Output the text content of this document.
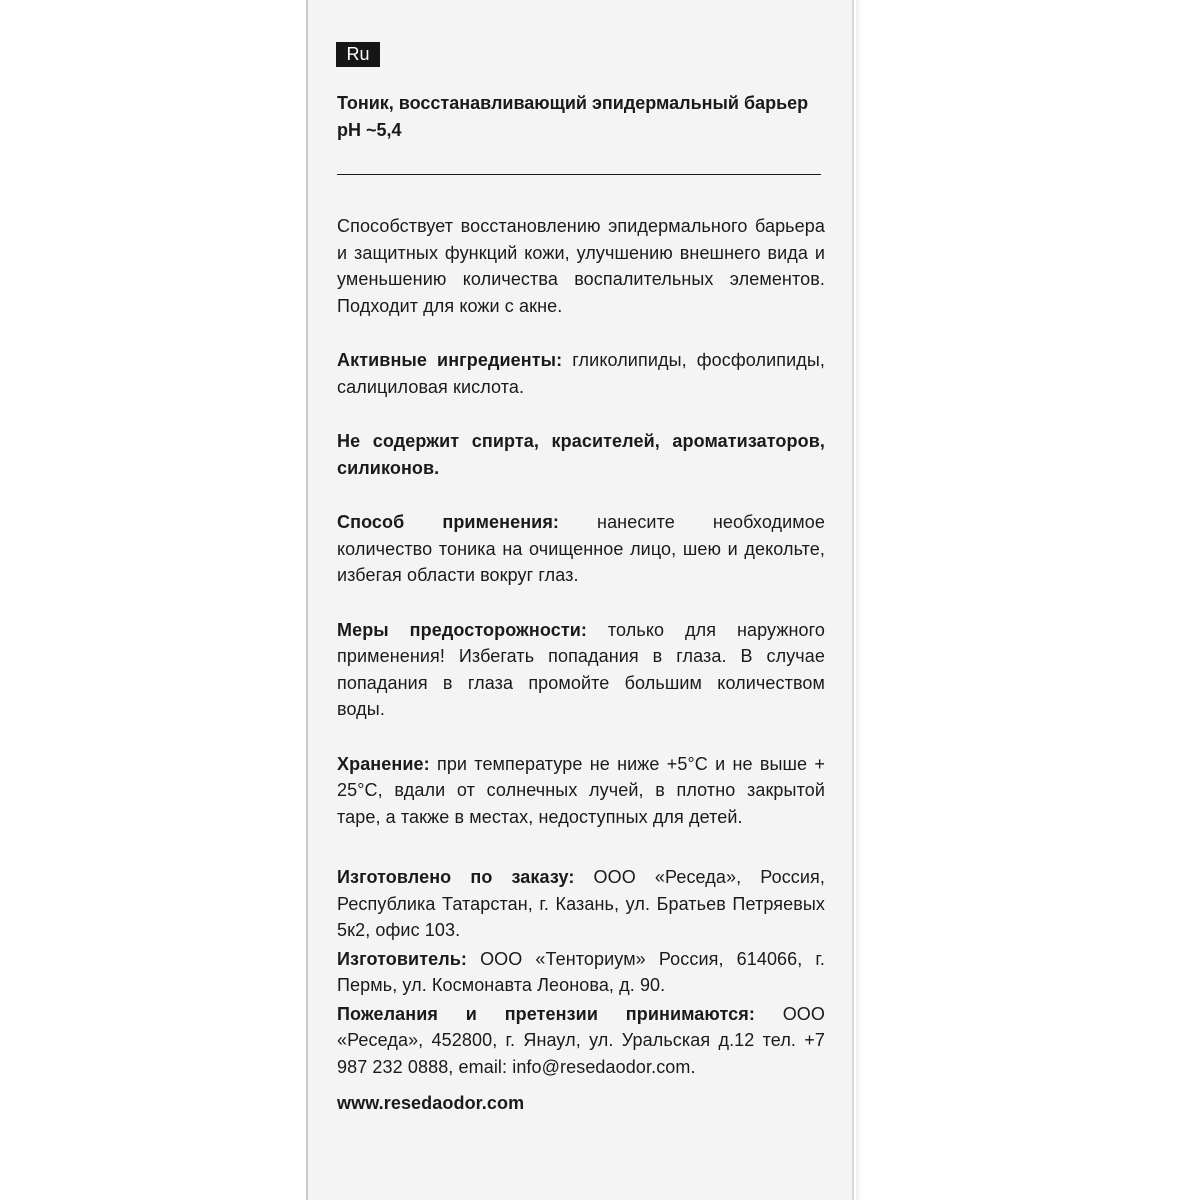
Ru
Тоник, восстанавливающий эпидермальный барьер pH ~5,4

Способствует восстановлению эпидермального барьера и защитных функций кожи, улучшению внешнего вида и уменьшению количества воспалительных элементов. Подходит для кожи с акне.

Активные ингредиенты: гликолипиды, фосфолипиды, салициловая кислота.

Не содержит спирта, красителей, ароматизаторов, силиконов.

Способ применения: нанесите необходимое количество тоника на очищенное лицо, шею и декольте, избегая области вокруг глаз.

Меры предосторожности: только для наружного применения! Избегать попадания в глаза. В случае попадания в глаза промойте большим количеством воды.

Хранение: при температуре не ниже +5°С и не выше + 25°С, вдали от солнечных лучей, в плотно закрытой таре, а также в местах, недоступных для детей.

Изготовлено по заказу: ООО «Реседа», Россия, Республика Татарстан, г. Казань, ул. Братьев Петряевых 5к2, офис 103.

Изготовитель: ООО «Тенториум» Россия, 614066, г. Пермь, ул. Космонавта Леонова, д. 90.

Пожелания и претензии принимаются: ООО «Реседа», 452800, г. Янаул, ул. Уральская д.12 тел. +7 987 232 0888, email: info@resedaodor.com.

www.resedaodor.com
